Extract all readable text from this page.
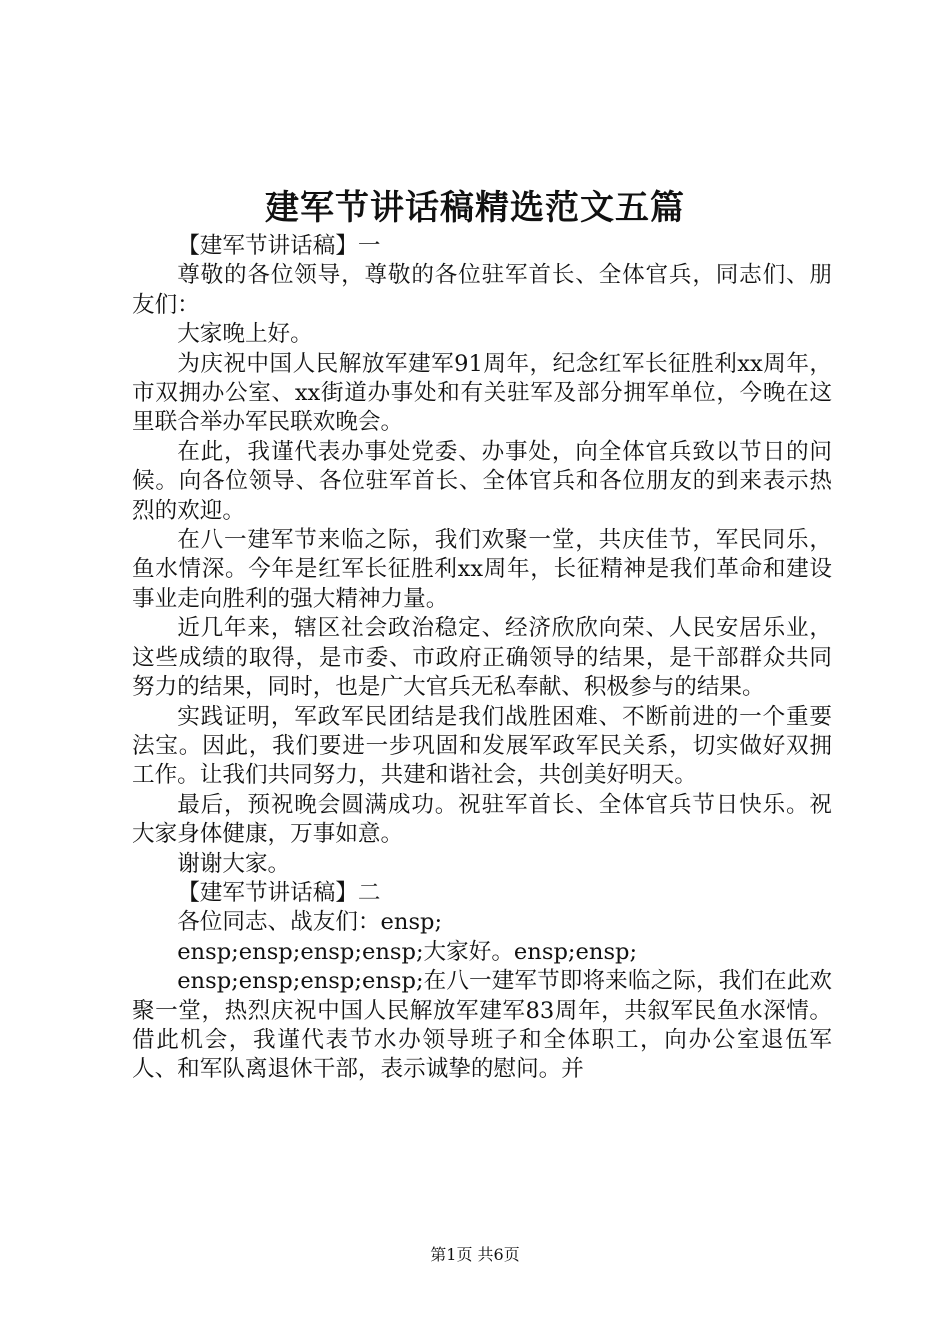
建军节讲话稿精选范文五篇

【建军节讲话稿】一

尊敬的各位领导，尊敬的各位驻军首长、全体官兵，同志们、朋友们：

大家晚上好。

为庆祝中国人民解放军建军91周年，纪念红军长征胜利xx周年，市双拥办公室、xx街道办事处和有关驻军及部分拥军单位，今晚在这里联合举办军民联欢晚会。

在此，我谨代表办事处党委、办事处，向全体官兵致以节日的问候。向各位领导、各位驻军首长、全体官兵和各位朋友的到来表示热烈的欢迎。

在八一建军节来临之际，我们欢聚一堂，共庆佳节，军民同乐，鱼水情深。今年是红军长征胜利xx周年，长征精神是我们革命和建设事业走向胜利的强大精神力量。

近几年来，辖区社会政治稳定、经济欣欣向荣、人民安居乐业，这些成绩的取得，是市委、市政府正确领导的结果，是干部群众共同努力的结果，同时，也是广大官兵无私奉献、积极参与的结果。

实践证明，军政军民团结是我们战胜困难、不断前进的一个重要法宝。因此，我们要进一步巩固和发展军政军民关系，切实做好双拥工作。让我们共同努力，共建和谐社会，共创美好明天。

最后，预祝晚会圆满成功。祝驻军首长、全体官兵节日快乐。祝大家身体健康，万事如意。

谢谢大家。

【建军节讲话稿】二

各位同志、战友们：ensp;

ensp;ensp;ensp;ensp;大家好。ensp;ensp;

ensp;ensp;ensp;ensp;在八一建军节即将来临之际，我们在此欢聚一堂，热烈庆祝中国人民解放军建军83周年，共叙军民鱼水深情。借此机会，我谨代表节水办领导班子和全体职工，向办公室退伍军人、和军队离退休干部，表示诚挚的慰问。并

第1页 共6页
